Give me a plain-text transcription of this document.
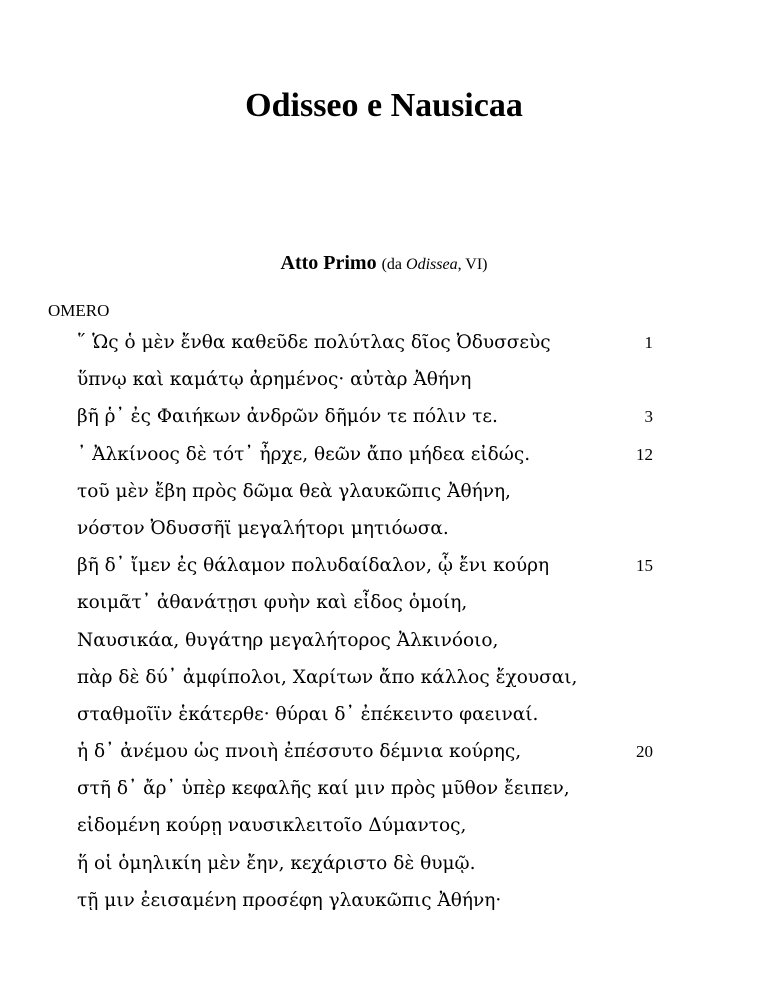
Odisseo e Nausicaa
Atto Primo (da Odissea, VI)
OMERO
῞ Ὡς ὁ μὲν ἔνθα καθεῦδε πολύτλας δῖος Ὀδυσσεὺς	1
ὕπνῳ καὶ καμάτῳ ἀρημένος· αὐτὰρ Ἀθήνη
βῆ ῥ᾽ ἐς Φαιήκων ἀνδρῶν δῆμόν τε πόλιν τε.	3
᾽ Ἀλκίνοος δὲ τότ᾽ ἦρχε, θεῶν ἄπο μήδεα εἰδώς.	12
τοῦ μὲν ἔβη πρὸς δῶμα θεὰ γλαυκῶπις Ἀθήνη,
νόστον Ὀδυσσῆϊ μεγαλήτορι μητιόωσα.
βῆ δ᾽ ἴμεν ἐς θάλαμον πολυδαίδαλον, ᾧ ἔνι κούρη	15
κοιμᾶτ᾽ ἀθανάτῃσι φυὴν καὶ εἶδος ὁμοίη,
Ναυσικάα, θυγάτηρ μεγαλήτορος Ἀλκινόοιο,
πὰρ δὲ δύ᾽ ἀμφίπολοι, Χαρίτων ἄπο κάλλος ἔχουσαι,
σταθμοῖϊν ἑκάτερθε· θύραι δ᾽ ἐπέκειντο φαειναί.
ἡ δ᾽ ἀνέμου ὡς πνοιὴ ἐπέσσυτο δέμνια κούρης,	20
στῆ δ᾽ ἄρ᾽ ὑπὲρ κεφαλῆς καί μιν πρὸς μῦθον ἔειπεν,
εἰδομένη κούρῃ ναυσικλειτοῖο Δύμαντος,
ἥ οἱ ὁμηλικίη μὲν ἔην, κεχάριστο δὲ θυμῷ.
τῇ μιν ἐεισαμένη προσέφη γλαυκῶπις Ἀθήνη·
